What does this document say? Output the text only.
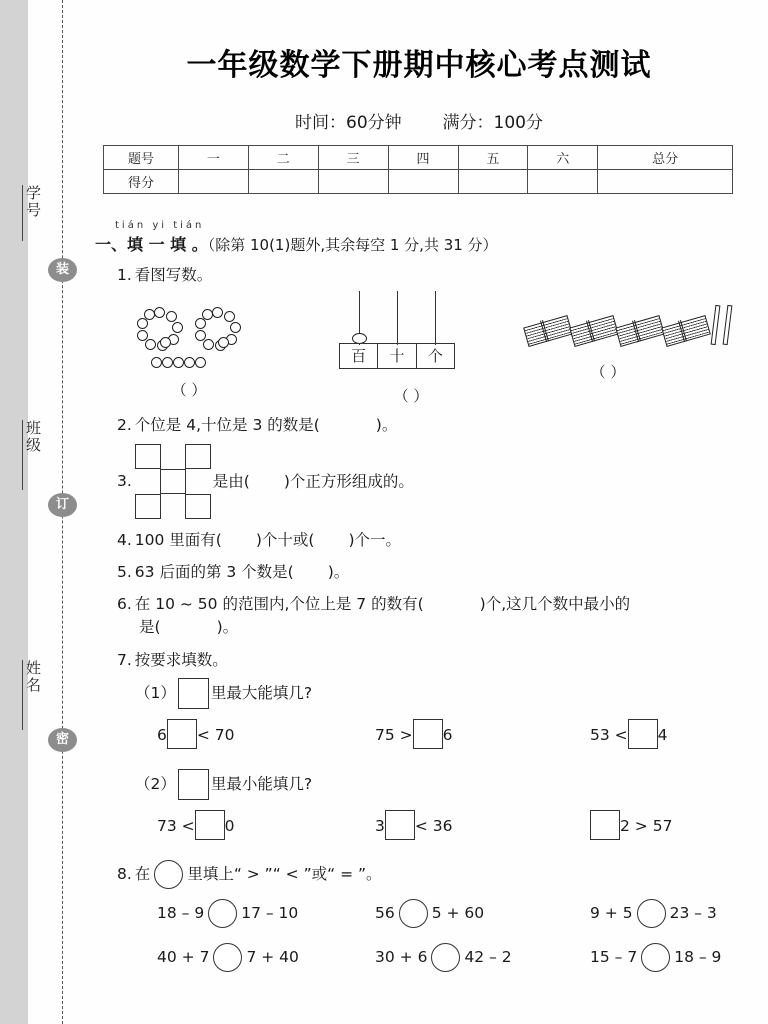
学号
班级
姓名
装
订
密
一年级数学下册期中核心考点测试
时间：60分钟 满分：100分
题号	一	二	三	四	五	六	总分
得分							
tián yi tián
一、填 一 填 。（除第 10(1)题外,其余每空 1 分,共 31 分）
1. 看图写数。

（ ）
百	十	个
（ ）
（ ）
2. 个位是 4,十位是 3 的数是(	)。
3.	是由( )个正方形组成的。
4. 100 里面有( )个十或( )个一。
5. 63 后面的第 3 个数是( )。
6. 在 10 ~ 50 的范围内,个位上是 7 的数有(	)个,这几个数中最小的
是(	)。
7. 按要求填数。
（1） 里最大能填几?
6 < 70	75 > 6	53 < 4
（2） 里最小能填几?
73 < 0	3 < 36	2 > 57
8. 在 里填上“ > ”“ < ”或“ = ”。
18 – 9 17 – 10	56 5 + 60	9 + 5 23 – 3
40 + 7 7 + 40	30 + 6 42 – 2	15 – 7 18 – 9
